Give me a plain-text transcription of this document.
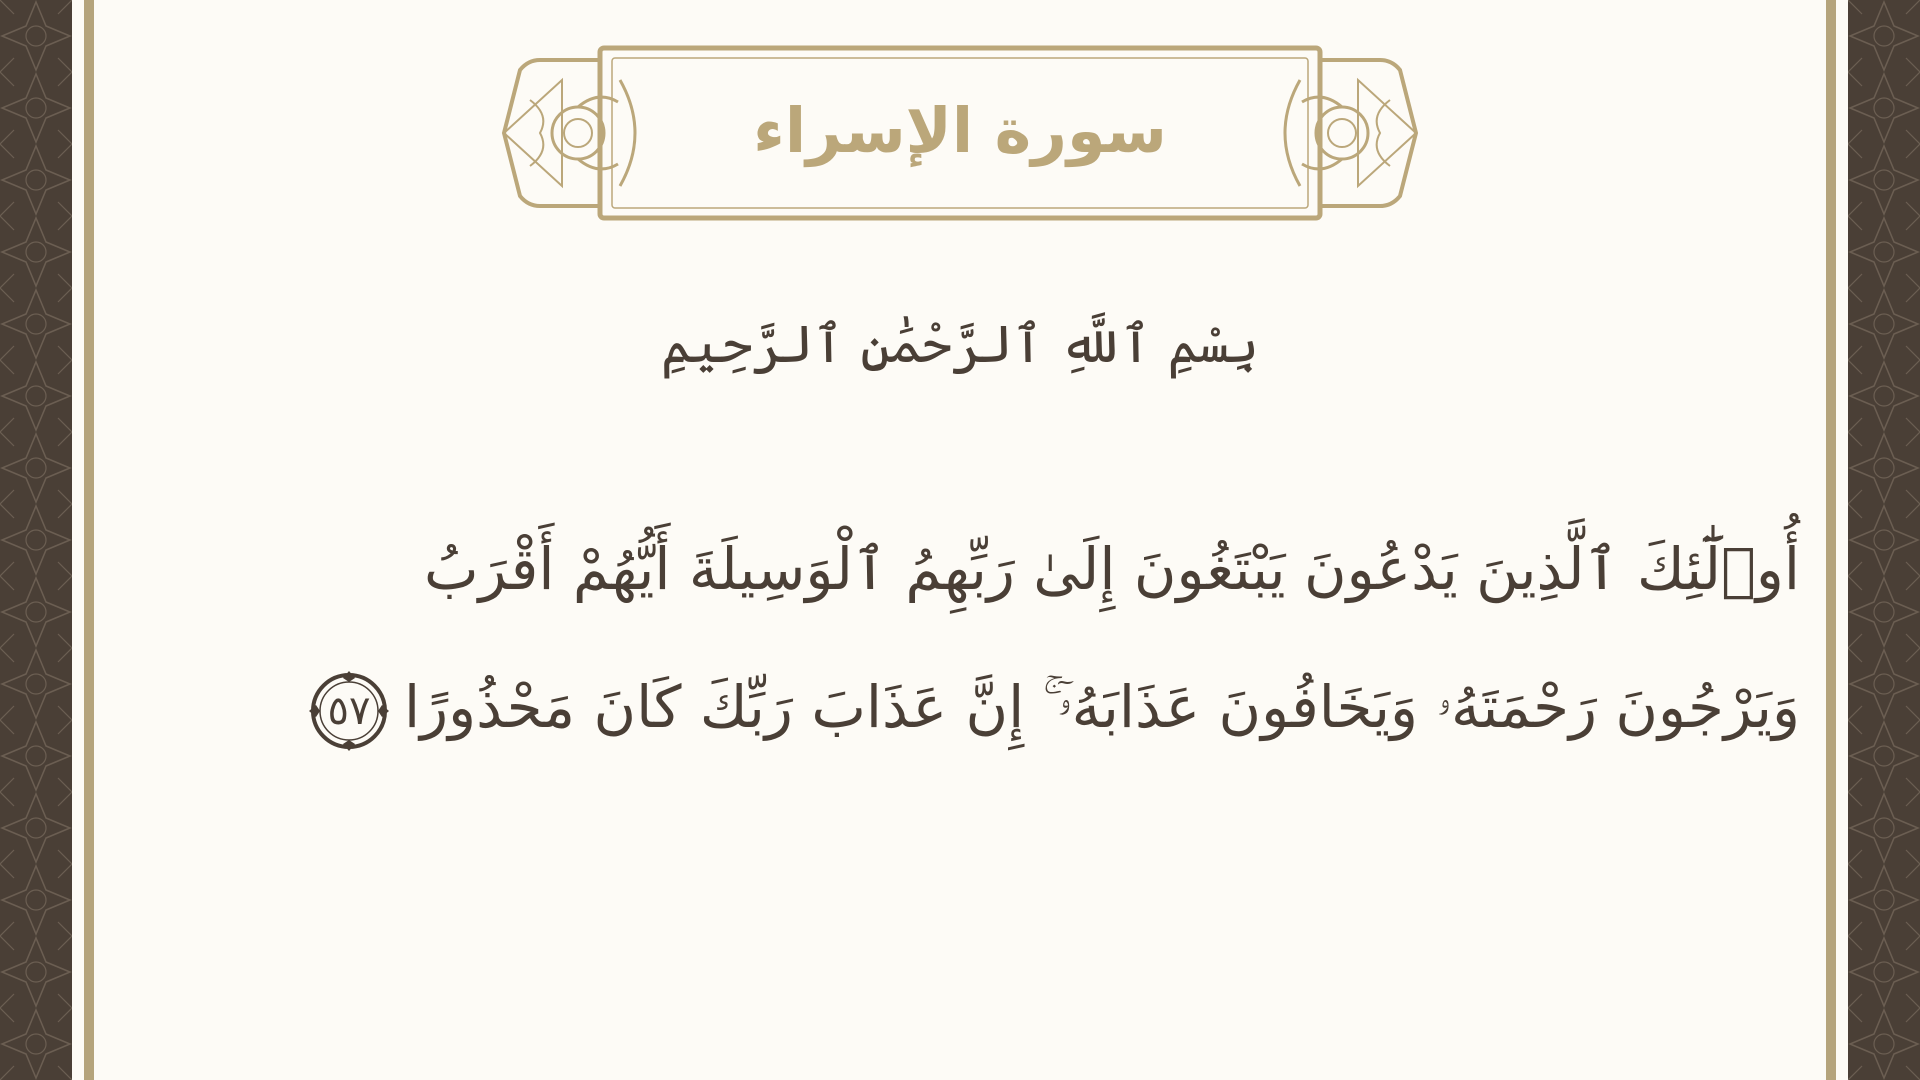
سورة الإسراء
بِسْمِ ٱللَّهِ ٱلرَّحْمَٰنِ ٱلرَّحِيمِ
أُو۟لَٰٓئِكَ ٱلَّذِينَ يَدْعُونَ يَبْتَغُونَ إِلَىٰ رَبِّهِمُ ٱلْوَسِيلَةَ أَيُّهُمْ أَقْرَبُ
وَيَرْجُونَ رَحْمَتَهُۥ وَيَخَافُونَ عَذَابَهُۥٓ ۚ إِنَّ عَذَابَ رَبِّكَ كَانَ مَحْذُورًا
٥٧
